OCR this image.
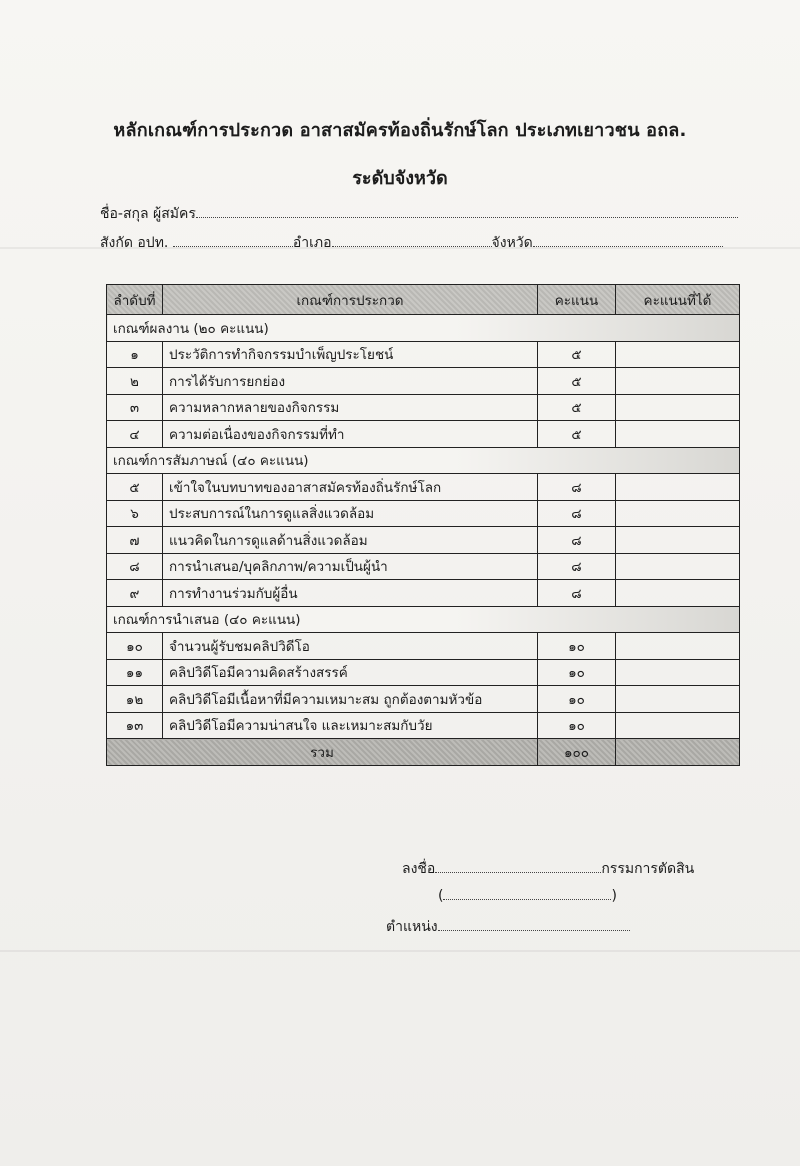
หลักเกณฑ์การประกวด อาสาสมัครท้องถิ่นรักษ์โลก ประเภทเยาวชน อถล.
ระดับจังหวัด
ชื่อ-สกุล ผู้สมัคร
สังกัด อปท.	อำเภอ	จังหวัด
ลำดับที่	เกณฑ์การประกวด	คะแนน	คะแนนที่ได้
เกณฑ์ผลงาน (๒๐ คะแนน)			
๑	ประวัติการทำกิจกรรมบำเพ็ญประโยชน์	๕	
๒	การได้รับการยกย่อง	๕	
๓	ความหลากหลายของกิจกรรม	๕	
๔	ความต่อเนื่องของกิจกรรมที่ทำ	๕	
เกณฑ์การสัมภาษณ์ (๔๐ คะแนน)			
๕	เข้าใจในบทบาทของอาสาสมัครท้องถิ่นรักษ์โลก	๘	
๖	ประสบการณ์ในการดูแลสิ่งแวดล้อม	๘	
๗	แนวคิดในการดูแลด้านสิ่งแวดล้อม	๘	
๘	การนำเสนอ/บุคลิกภาพ/ความเป็นผู้นำ	๘	
๙	การทำงานร่วมกับผู้อื่น	๘	
เกณฑ์การนำเสนอ (๔๐ คะแนน)			
๑๐	จำนวนผู้รับชมคลิปวิดีโอ	๑๐	
๑๑	คลิปวิดีโอมีความคิดสร้างสรรค์	๑๐	
๑๒	คลิปวิดีโอมีเนื้อหาที่มีความเหมาะสม ถูกต้องตามหัวข้อ	๑๐	
๑๓	คลิปวิดีโอมีความน่าสนใจ และเหมาะสมกับวัย	๑๐	
รวม		๑๐๐	
ลงชื่อ	กรรมการตัดสิน
(	)
ตำแหน่ง
